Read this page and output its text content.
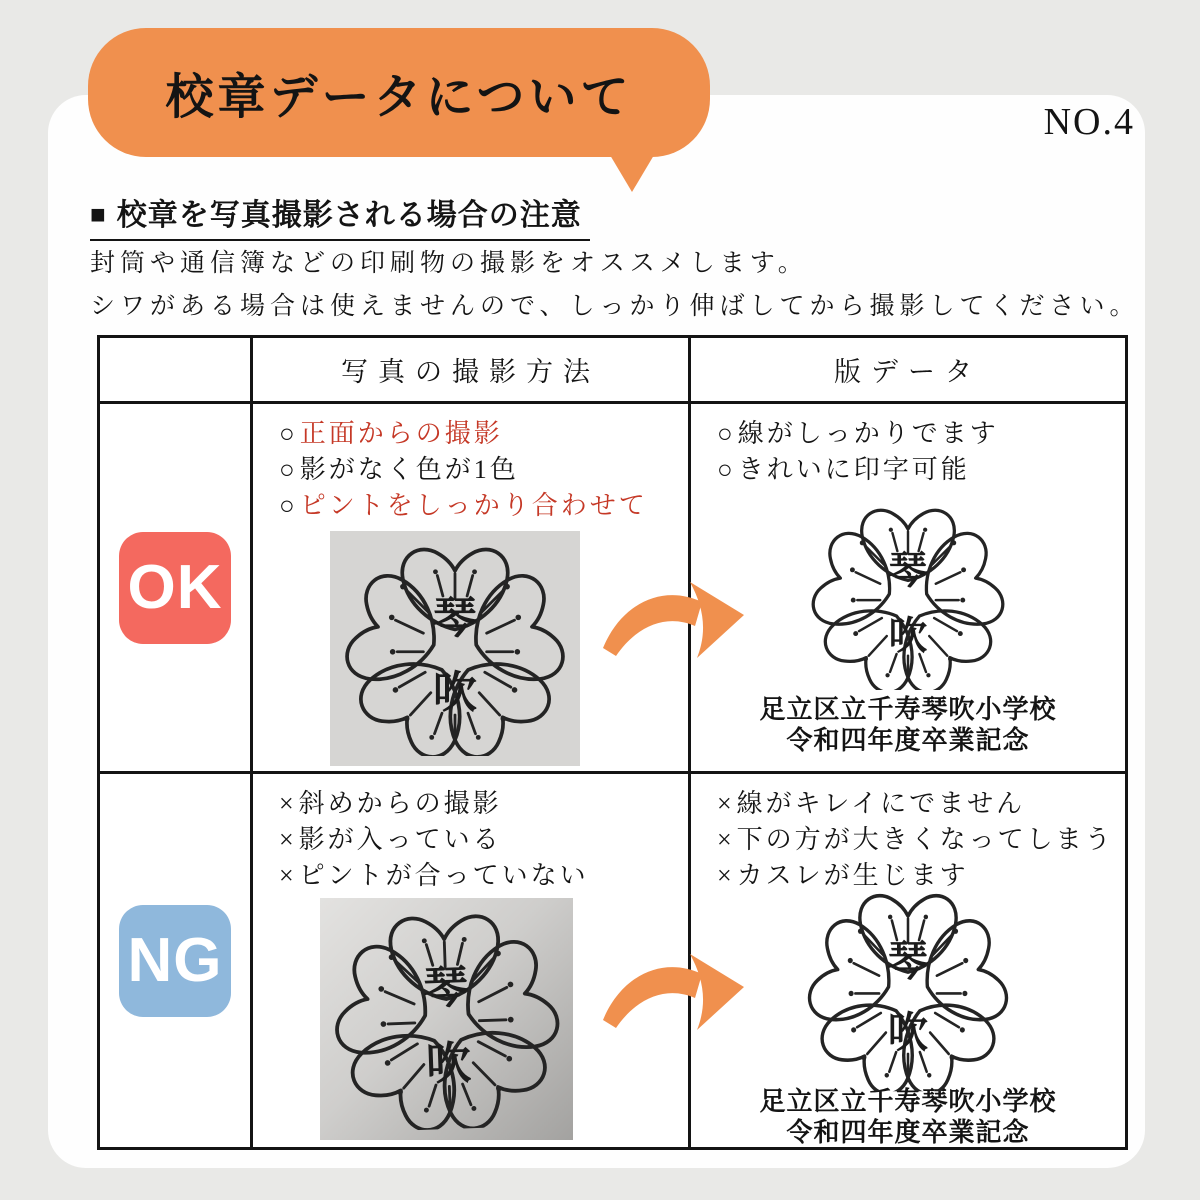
校章データについて	NO.4
■ 校章を写真撮影される場合の注意
封筒や通信簿などの印刷物の撮影をオススメします。
シワがある場合は使えませんので、しっかり伸ばしてから撮影してください。
写真の撮影方法	版データ
OK
○正面からの撮影
○影がなく色が1色
○ピントをしっかり合わせて
○線がしっかりでます
○きれいに印字可能
足立区立千寿琴吹小学校
令和四年度卒業記念
NG
×斜めからの撮影
×影が入っている
×ピントが合っていない
×線がキレイにでません
×下の方が大きくなってしまう
×カスレが生じます
足立区立千寿琴吹小学校
令和四年度卒業記念
